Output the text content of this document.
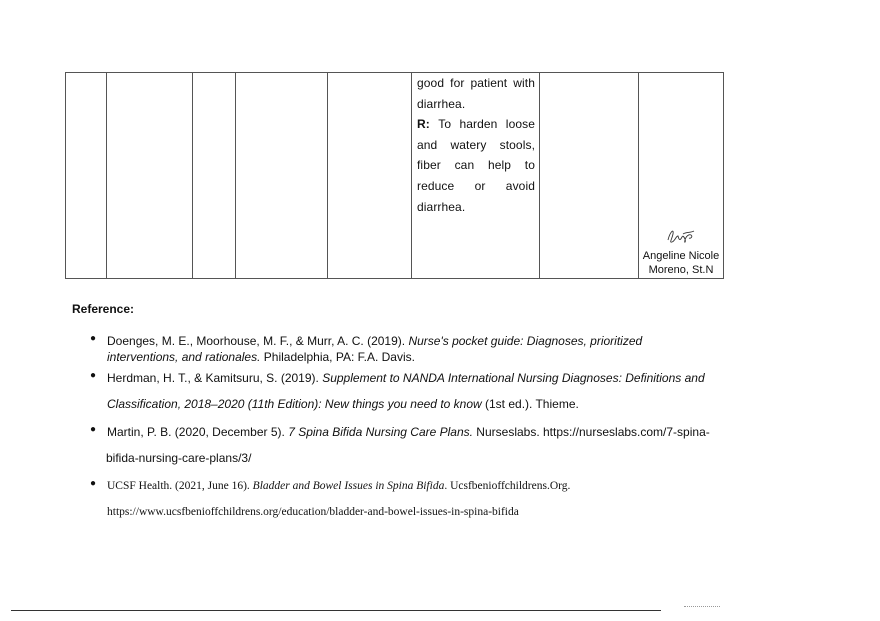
good for patient with
diarrhea.
R: To harden loose
and watery stools,
fiber can help to
reduce or avoid
diarrhea.

Angeline Nicole
Moreno, St.N
Reference:
● Doenges, M. E., Moorhouse, M. F., & Murr, A. C. (2019). Nurse's pocket guide: Diagnoses, prioritized
interventions, and rationales. Philadelphia, PA: F.A. Davis.
● Herdman, H. T., & Kamitsuru, S. (2019). Supplement to NANDA International Nursing Diagnoses: Definitions and
Classification, 2018–2020 (11th Edition): New things you need to know (1st ed.). Thieme.
● Martin, P. B. (2020, December 5). 7 Spina Bifida Nursing Care Plans. Nurseslabs. https://nurseslabs.com/7-spina-
bifida-nursing-care-plans/3/
● UCSF Health. (2021, June 16). Bladder and Bowel Issues in Spina Bifida. Ucsfbenioffchildrens.Org.
https://www.ucsfbenioffchildrens.org/education/bladder-and-bowel-issues-in-spina-bifida
